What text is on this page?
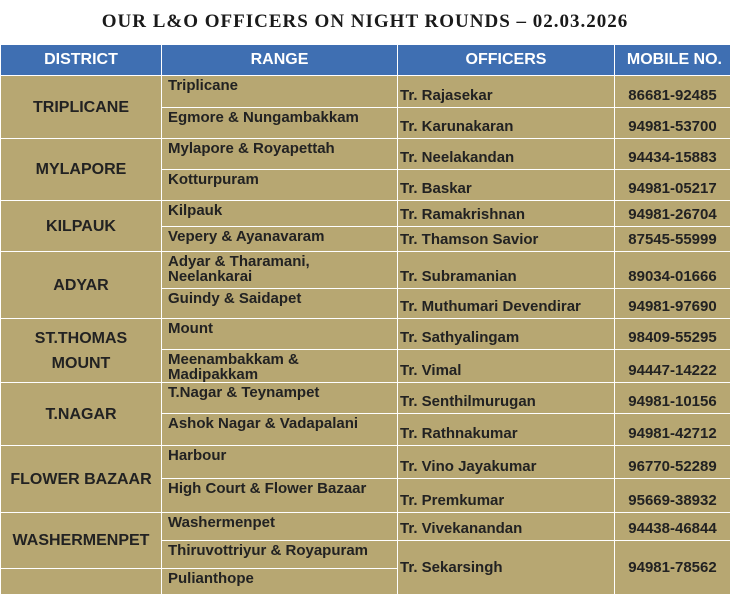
OUR L&O OFFICERS ON NIGHT ROUNDS – 02.03.2026
DISTRICT	RANGE	OFFICERS	MOBILE NO.
TRIPLICANE	Triplicane	Tr. Rajasekar	86681-92485
	Egmore & Nungambakkam	Tr. Karunakaran	94981-53700
MYLAPORE	Mylapore & Royapettah	Tr. Neelakandan	94434-15883
	Kotturpuram	Tr. Baskar	94981-05217
KILPAUK	Kilpauk	Tr. Ramakrishnan	94981-26704
	Vepery & Ayanavaram	Tr. Thamson Savior	87545-55999
ADYAR	Adyar & Tharamani, Neelankarai	Tr. Subramanian	89034-01666
	Guindy & Saidapet	Tr. Muthumari Devendirar	94981-97690
ST.THOMAS MOUNT	Mount	Tr. Sathyalingam	98409-55295
	Meenambakkam & Madipakkam	Tr. Vimal	94447-14222
T.NAGAR	T.Nagar & Teynampet	Tr. Senthilmurugan	94981-10156
	Ashok Nagar & Vadapalani	Tr. Rathnakumar	94981-42712
FLOWER BAZAAR	Harbour	Tr. Vino Jayakumar	96770-52289
	High Court & Flower Bazaar	Tr. Premkumar	95669-38932
WASHERMENPET	Washermenpet	Tr. Vivekanandan	94438-46844
	Thiruvottriyur & Royapuram	Tr. Sekarsingh	94981-78562
	Pulianthope		
